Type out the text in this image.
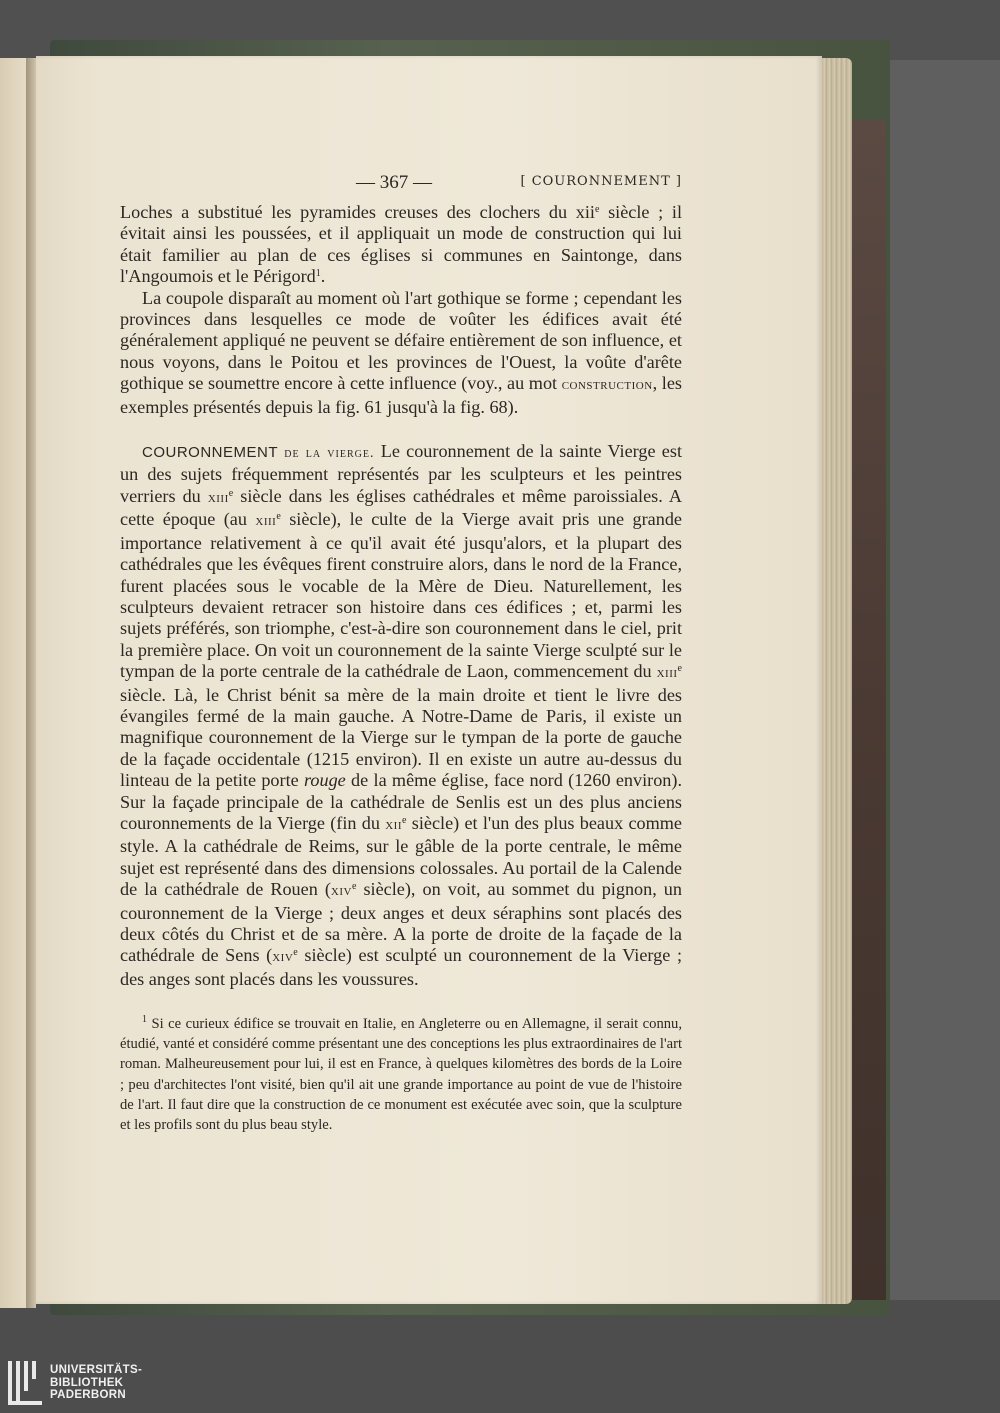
— 367 —	[ COURONNEMENT ]

Loches a substitué les pyramides creuses des clochers du xii$^e$ siècle ; il évitait ainsi les poussées, et il appliquait un mode de construction qui lui était familier au plan de ces églises si communes en Saintonge, dans l'Angoumois et le Périgord$^1$.

La coupole disparaît au moment où l'art gothique se forme ; cependant les provinces dans lesquelles ce mode de voûter les édifices avait été généralement appliqué ne peuvent se défaire entièrement de son influence, et nous voyons, dans le Poitou et les provinces de l'Ouest, la voûte d'arête gothique se soumettre encore à cette influence (voy., au mot construction, les exemples présentés depuis la fig. 61 jusqu'à la fig. 68).

COURONNEMENT de la vierge. Le couronnement de la sainte Vierge est un des sujets fréquemment représentés par les sculpteurs et les peintres verriers du xiii$^e$ siècle dans les églises cathédrales et même paroissiales. A cette époque (au xiii$^e$ siècle), le culte de la Vierge avait pris une grande importance relativement à ce qu'il avait été jusqu'alors, et la plupart des cathédrales que les évêques firent construire alors, dans le nord de la France, furent placées sous le vocable de la Mère de Dieu. Naturellement, les sculpteurs devaient retracer son histoire dans ces édifices ; et, parmi les sujets préférés, son triomphe, c'est-à-dire son couronnement dans le ciel, prit la première place. On voit un couronnement de la sainte Vierge sculpté sur le tympan de la porte centrale de la cathédrale de Laon, commencement du xiii$^e$ siècle. Là, le Christ bénit sa mère de la main droite et tient le livre des évangiles fermé de la main gauche. A Notre-Dame de Paris, il existe un magnifique couronnement de la Vierge sur le tympan de la porte de gauche de la façade occidentale (1215 environ). Il en existe un autre au-dessus du linteau de la petite porte rouge de la même église, face nord (1260 environ). Sur la façade principale de la cathédrale de Senlis est un des plus anciens couronnements de la Vierge (fin du xii$^e$ siècle) et l'un des plus beaux comme style. A la cathédrale de Reims, sur le gâble de la porte centrale, le même sujet est représenté dans des dimensions colossales. Au portail de la Calende de la cathédrale de Rouen (xiv$^e$ siècle), on voit, au sommet du pignon, un couronnement de la Vierge ; deux anges et deux séraphins sont placés des deux côtés du Christ et de sa mère. A la porte de droite de la façade de la cathédrale de Sens (xiv$^e$ siècle) est sculpté un couronnement de la Vierge ; des anges sont placés dans les voussures.

$^1$ Si ce curieux édifice se trouvait en Italie, en Angleterre ou en Allemagne, il serait connu, étudié, vanté et considéré comme présentant une des conceptions les plus extraordinaires de l'art roman. Malheureusement pour lui, il est en France, à quelques kilomètres des bords de la Loire ; peu d'architectes l'ont visité, bien qu'il ait une grande importance au point de vue de l'histoire de l'art. Il faut dire que la construction de ce monument est exécutée avec soin, que la sculpture et les profils sont du plus beau style.

UNIVERSITÄTS-
BIBLIOTHEK
PADERBORN
